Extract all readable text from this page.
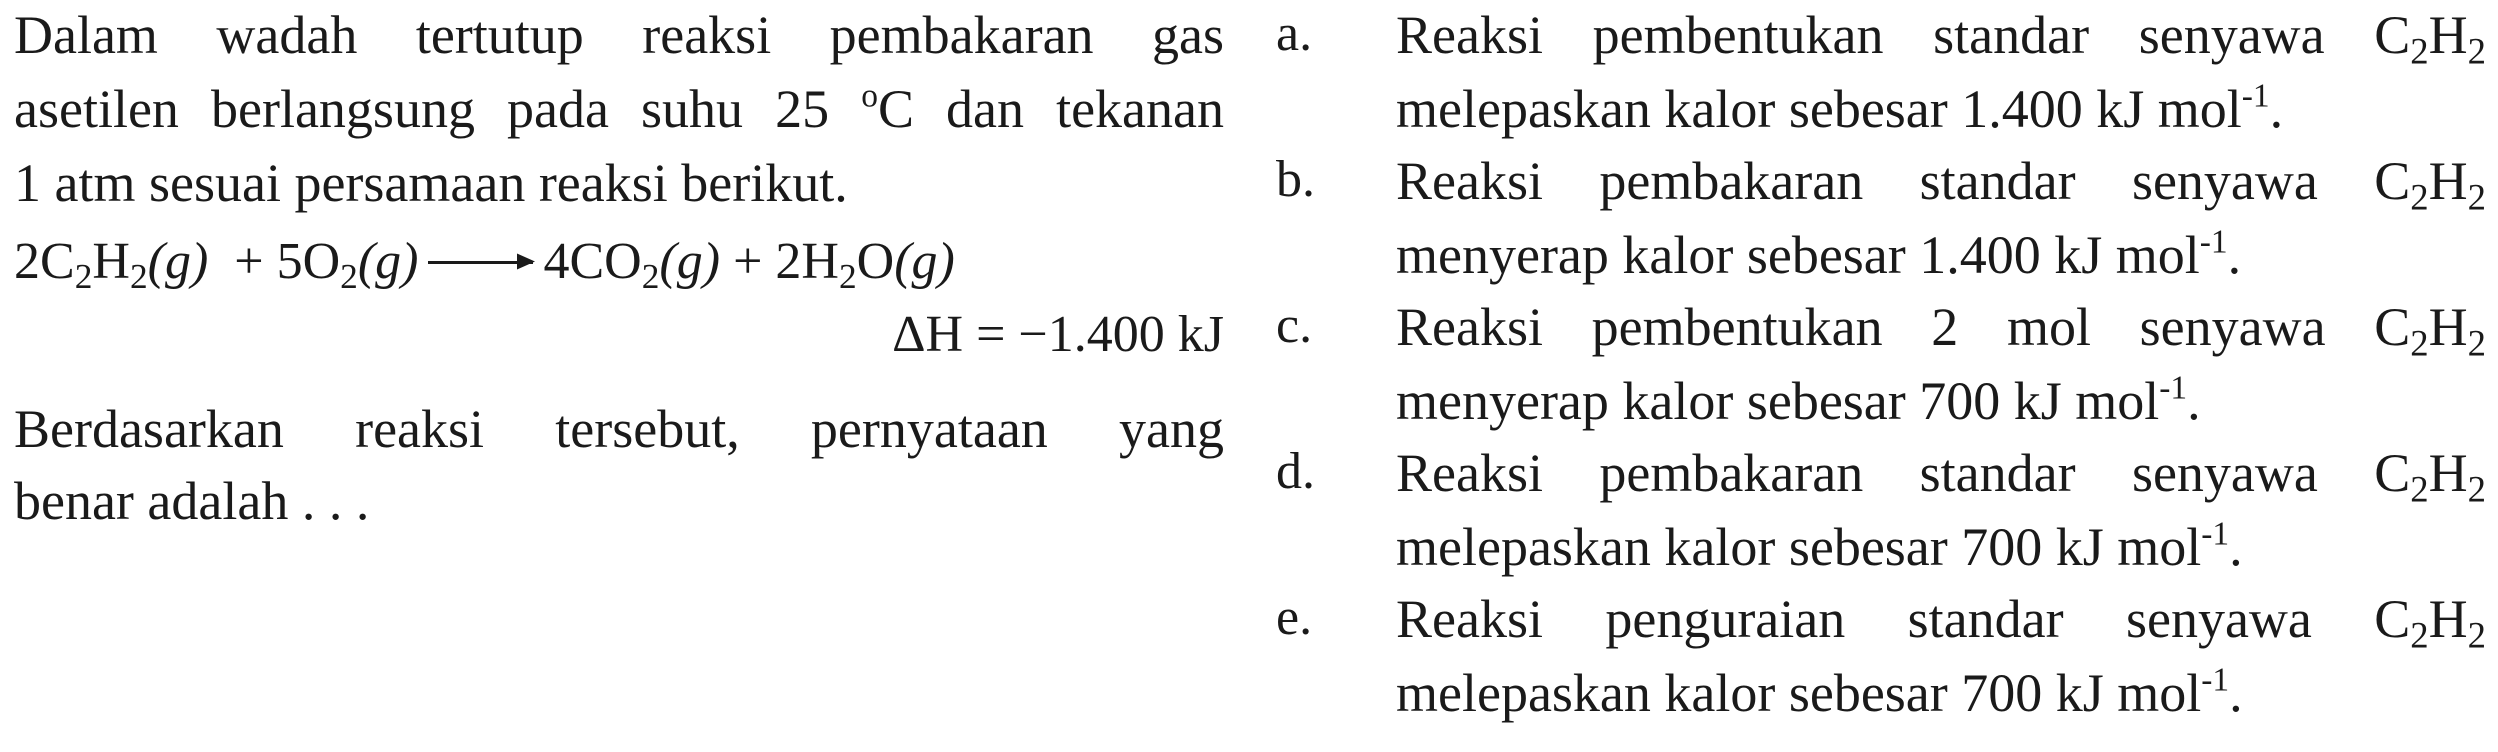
Dalam wadah tertutup reaksi pembakaran gas
asetilen berlangsung pada suhu 25 $^o$C dan tekanan
1 atm sesuai persamaan reaksi berikut.
$2C_2H_2(g) + 5O_2(g) 4CO_2(g) + 2H_2O(g)$
ΔH = −1.400 kJ
Berdasarkan reaksi tersebut, pernyataan yang
benar adalah . . .
a. Reaksi pembentukan standar senyawa $C_2H_2$
melepaskan kalor sebesar 1.400 kJ mol$^{-1}$.
b. Reaksi pembakaran standar senyawa $C_2H_2$
menyerap kalor sebesar 1.400 kJ mol$^{-1}$.
c. Reaksi pembentukan 2 mol senyawa $C_2H_2$
menyerap kalor sebesar 700 kJ mol$^{-1}$.
d. Reaksi pembakaran standar senyawa $C_2H_2$
melepaskan kalor sebesar 700 kJ mol$^{-1}$.
e. Reaksi penguraian standar senyawa $C_2H_2$
melepaskan kalor sebesar 700 kJ mol$^{-1}$.
